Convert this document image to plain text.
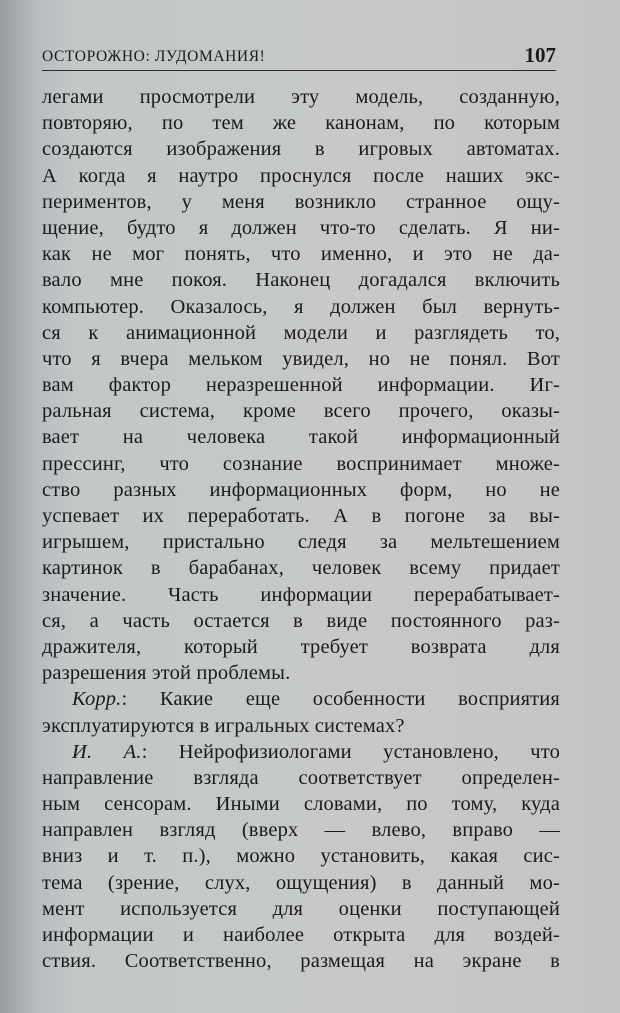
ОСТОРОЖНО: ЛУДОМАНИЯ!	107
легами просмотрели эту модель, созданную,
повторяю, по тем же канонам, по которым
создаются изображения в игровых автоматах.
А когда я наутро проснулся после наших экс-
периментов, у меня возникло странное ощу-
щение, будто я должен что-то сделать. Я ни-
как не мог понять, что именно, и это не да-
вало мне покоя. Наконец догадался включить
компьютер. Оказалось, я должен был вернуть-
ся к анимационной модели и разглядеть то,
что я вчера мельком увидел, но не понял. Вот
вам фактор неразрешенной информации. Иг-
ральная система, кроме всего прочего, оказы-
вает на человека такой информационный
прессинг, что сознание воспринимает множе-
ство разных информационных форм, но не
успевает их переработать. А в погоне за вы-
игрышем, пристально следя за мельтешением
картинок в барабанах, человек всему придает
значение. Часть информации перерабатывает-
ся, а часть остается в виде постоянного раз-
дражителя, который требует возврата для
разрешения этой проблемы.
Корр.: Какие еще особенности восприятия
эксплуатируются в игральных системах?
И. А.: Нейрофизиологами установлено, что
направление взгляда соответствует определен-
ным сенсорам. Иными словами, по тому, куда
направлен взгляд (вверх — влево, вправо —
вниз и т. п.), можно установить, какая сис-
тема (зрение, слух, ощущения) в данный мо-
мент используется для оценки поступающей
информации и наиболее открыта для воздей-
ствия. Соответственно, размещая на экране в
